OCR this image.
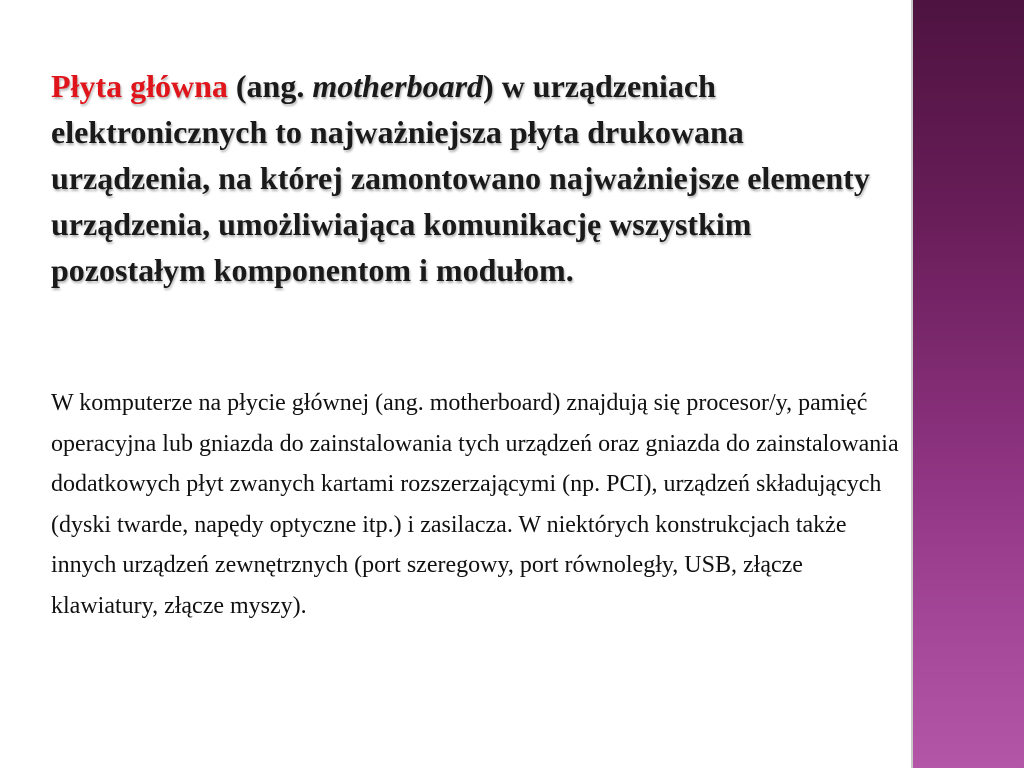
Płyta główna (ang. motherboard) w urządzeniach elektronicznych to najważniejsza płyta drukowana urządzenia, na której zamontowano najważniejsze elementy urządzenia, umożliwiająca komunikację wszystkim pozostałym komponentom i modułom.

W komputerze na płycie głównej (ang. motherboard) znajdują się procesor/y, pamięć operacyjna lub gniazda do zainstalowania tych urządzeń oraz gniazda do zainstalowania dodatkowych płyt zwanych kartami rozszerzającymi (np. PCI), urządzeń składujących (dyski twarde, napędy optyczne itp.) i zasilacza. W niektórych konstrukcjach także innych urządzeń zewnętrznych (port szeregowy, port równoległy, USB, złącze klawiatury, złącze myszy).
